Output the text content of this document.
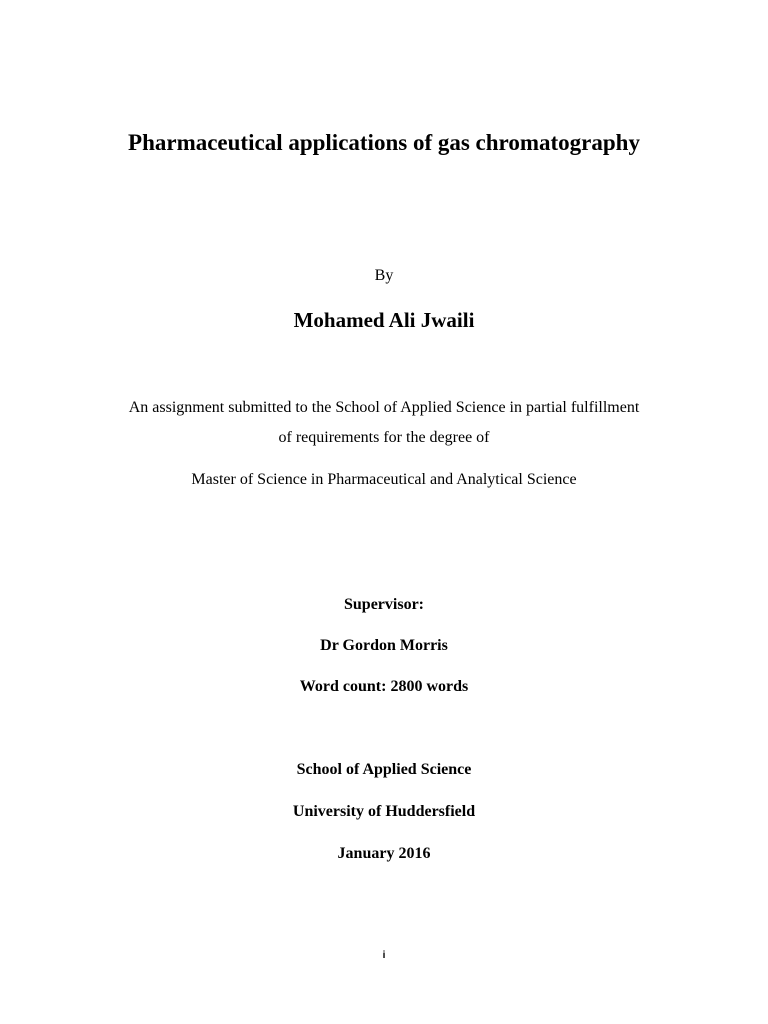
Pharmaceutical applications of gas chromatography
By
Mohamed Ali Jwaili
An assignment submitted to the School of Applied Science in partial fulfillment
of requirements for the degree of
Master of Science in Pharmaceutical and Analytical Science
Supervisor:
Dr Gordon Morris
Word count: 2800 words
School of Applied Science
University of Huddersfield
January 2016
i
